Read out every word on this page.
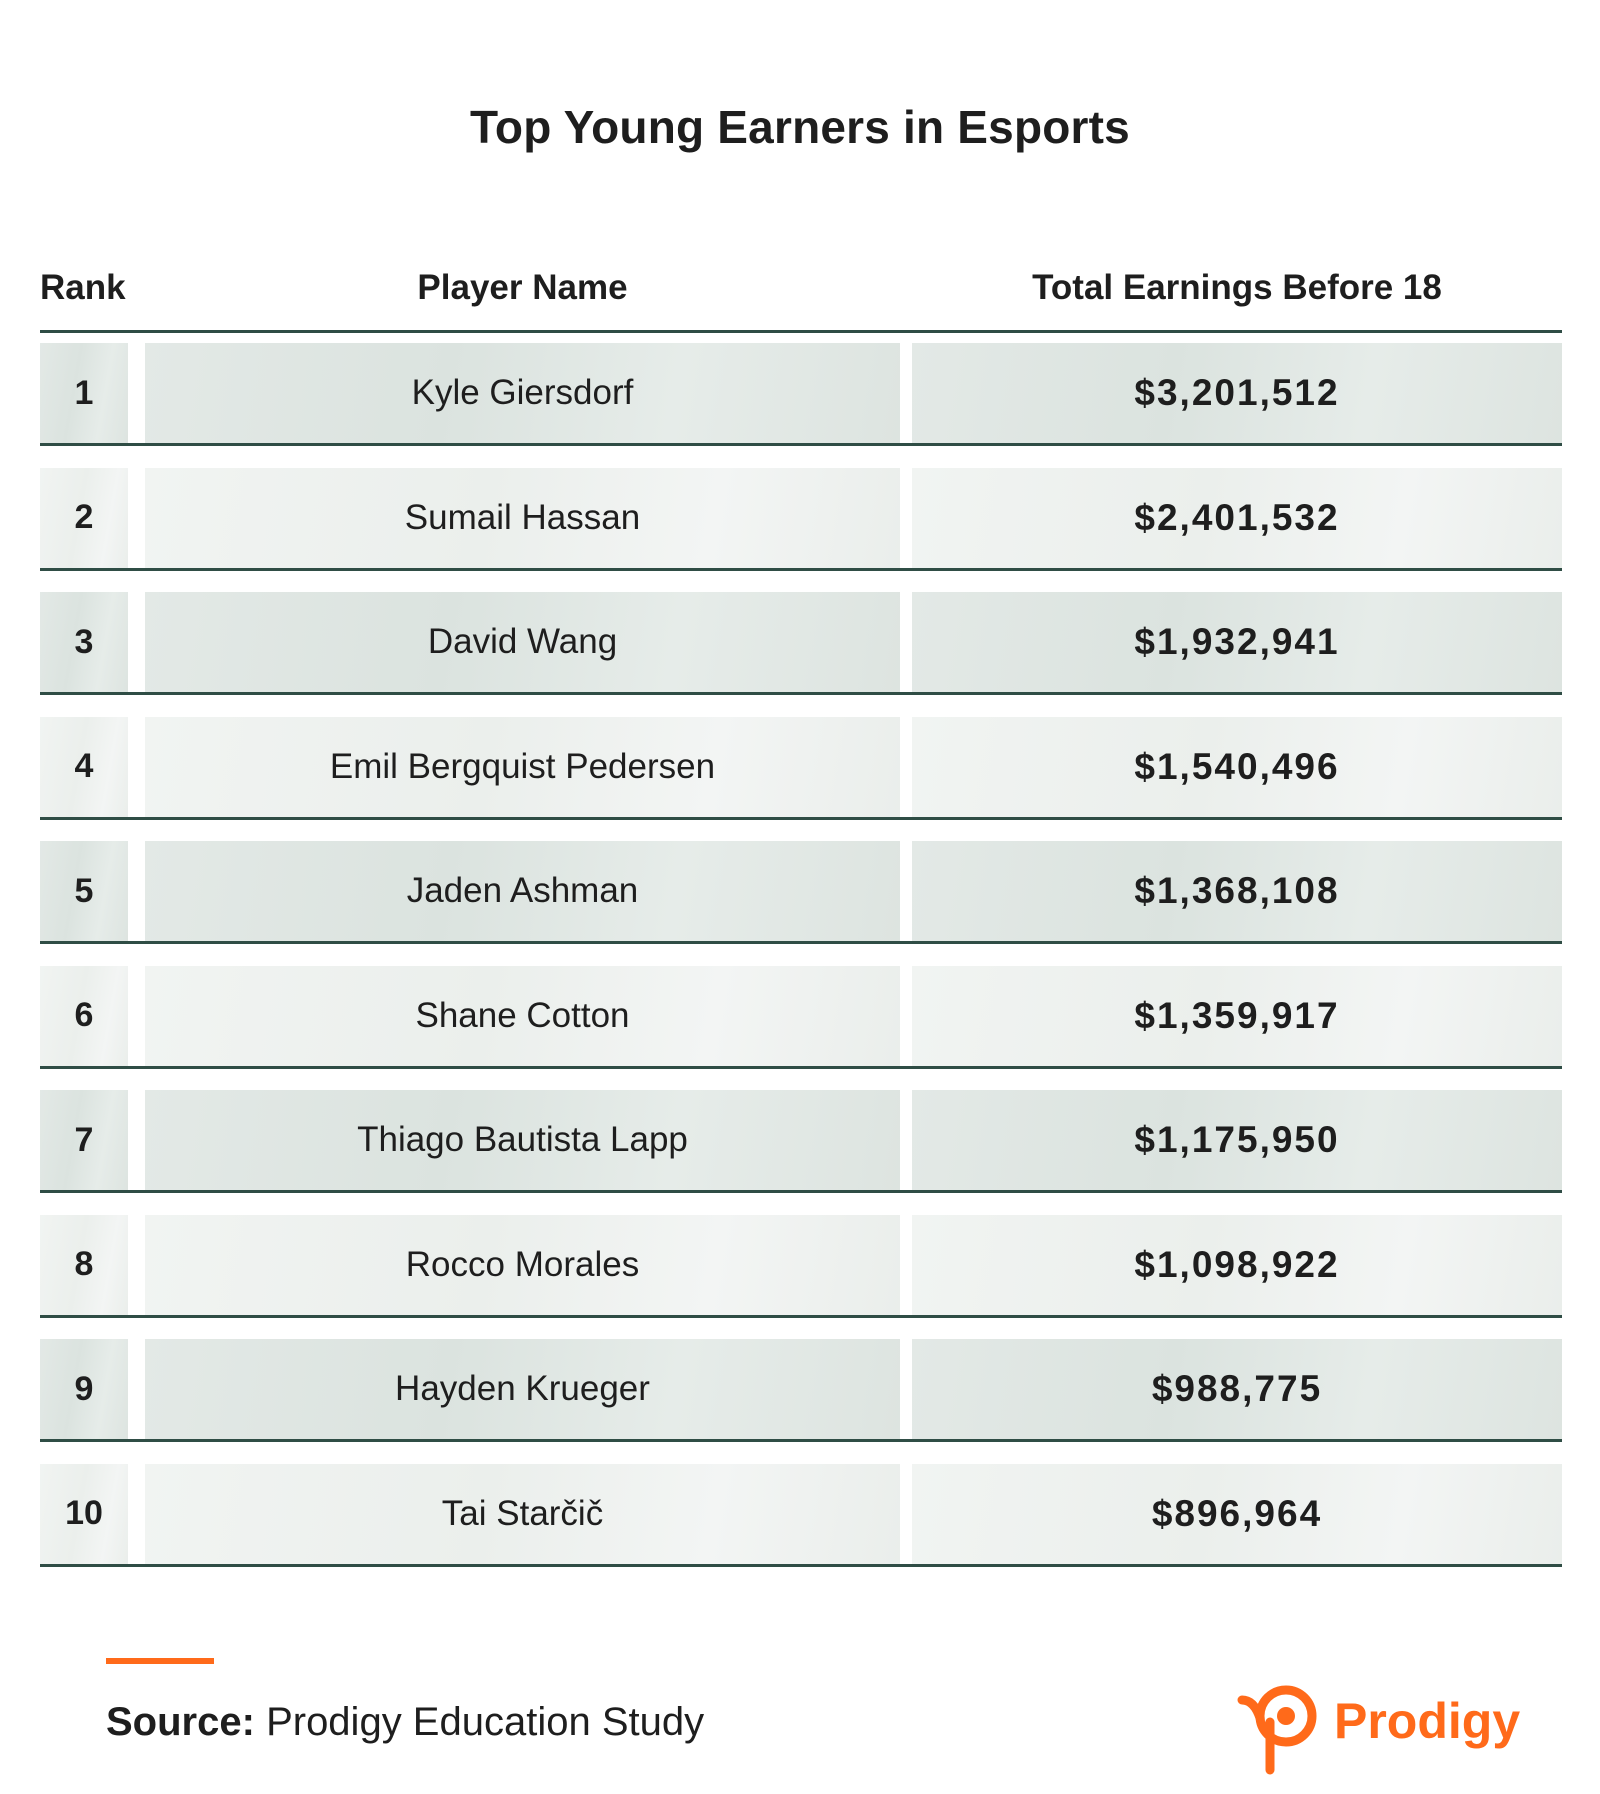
Top Young Earners in Esports
Rank	Player Name	Total Earnings Before 18
1	Kyle Giersdorf	$3,201,512
2	Sumail Hassan	$2,401,532
3	David Wang	$1,932,941
4	Emil Bergquist Pedersen	$1,540,496
5	Jaden Ashman	$1,368,108
6	Shane Cotton	$1,359,917
7	Thiago Bautista Lapp	$1,175,950
8	Rocco Morales	$1,098,922
9	Hayden Krueger	$988,775
10	Tai Starčič	$896,964
Source: Prodigy Education Study	Prodigy
